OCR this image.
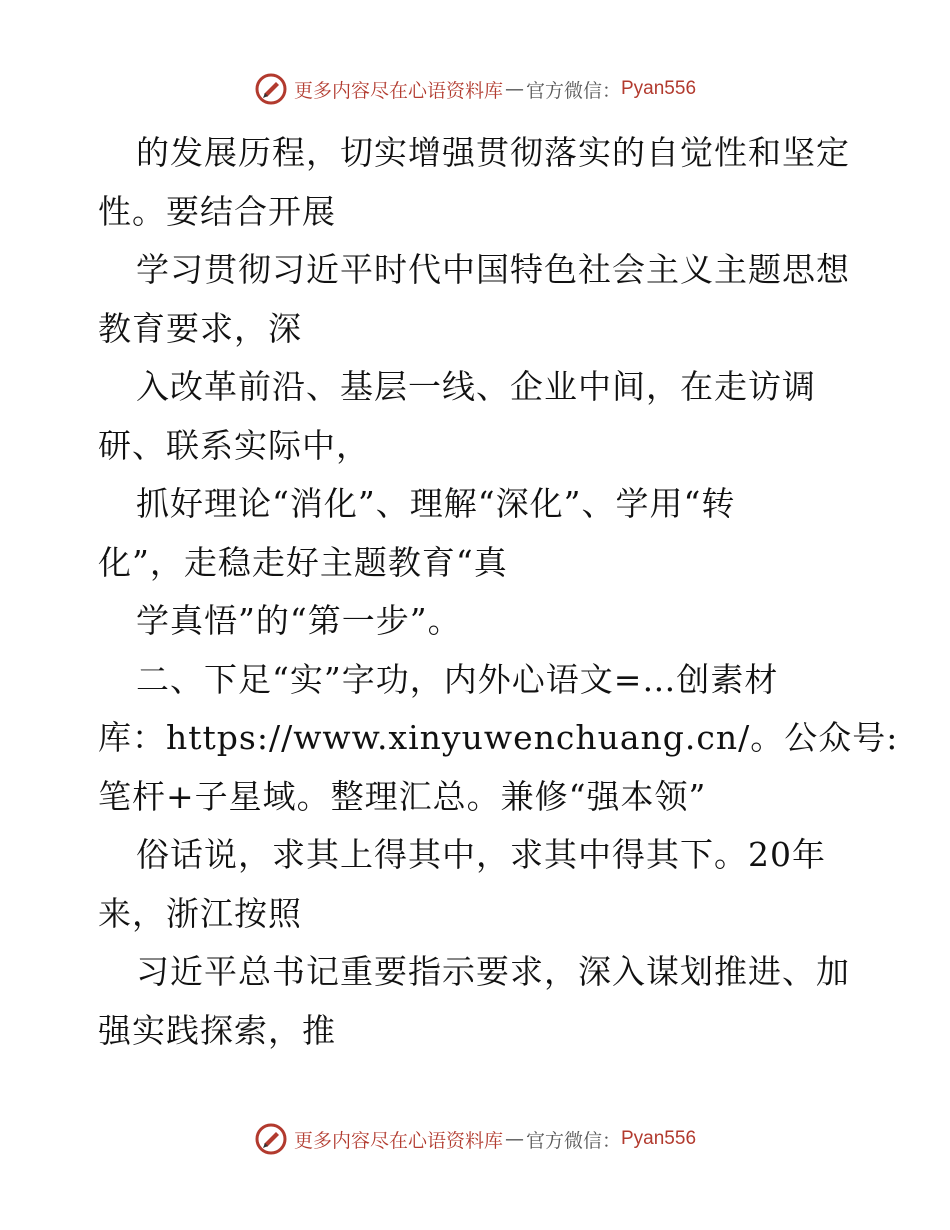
更多内容尽在心语资料库 — 官方微信： Pyan556
的发展历程，切实增强贯彻落实的自觉性和坚定
性。要结合开展
学习贯彻习近平时代中国特色社会主义主题思想
教育要求，深
入改革前沿、基层一线、企业中间，在走访调
研、联系实际中，
抓好理论“消化”、理解“深化”、学用“转
化”，走稳走好主题教育“真
学真悟”的“第一步”。
二、下足“实”字功，内外心语文=…创素材
库：https://www.xinyuwenchuang.cn/。公众号:
笔杆+子星域。整理汇总。兼修“强本领”
俗话说，求其上得其中，求其中得其下。20年
来，浙江按照
习近平总书记重要指示要求，深入谋划推进、加
强实践探索，推
更多内容尽在心语资料库 — 官方微信： Pyan556
